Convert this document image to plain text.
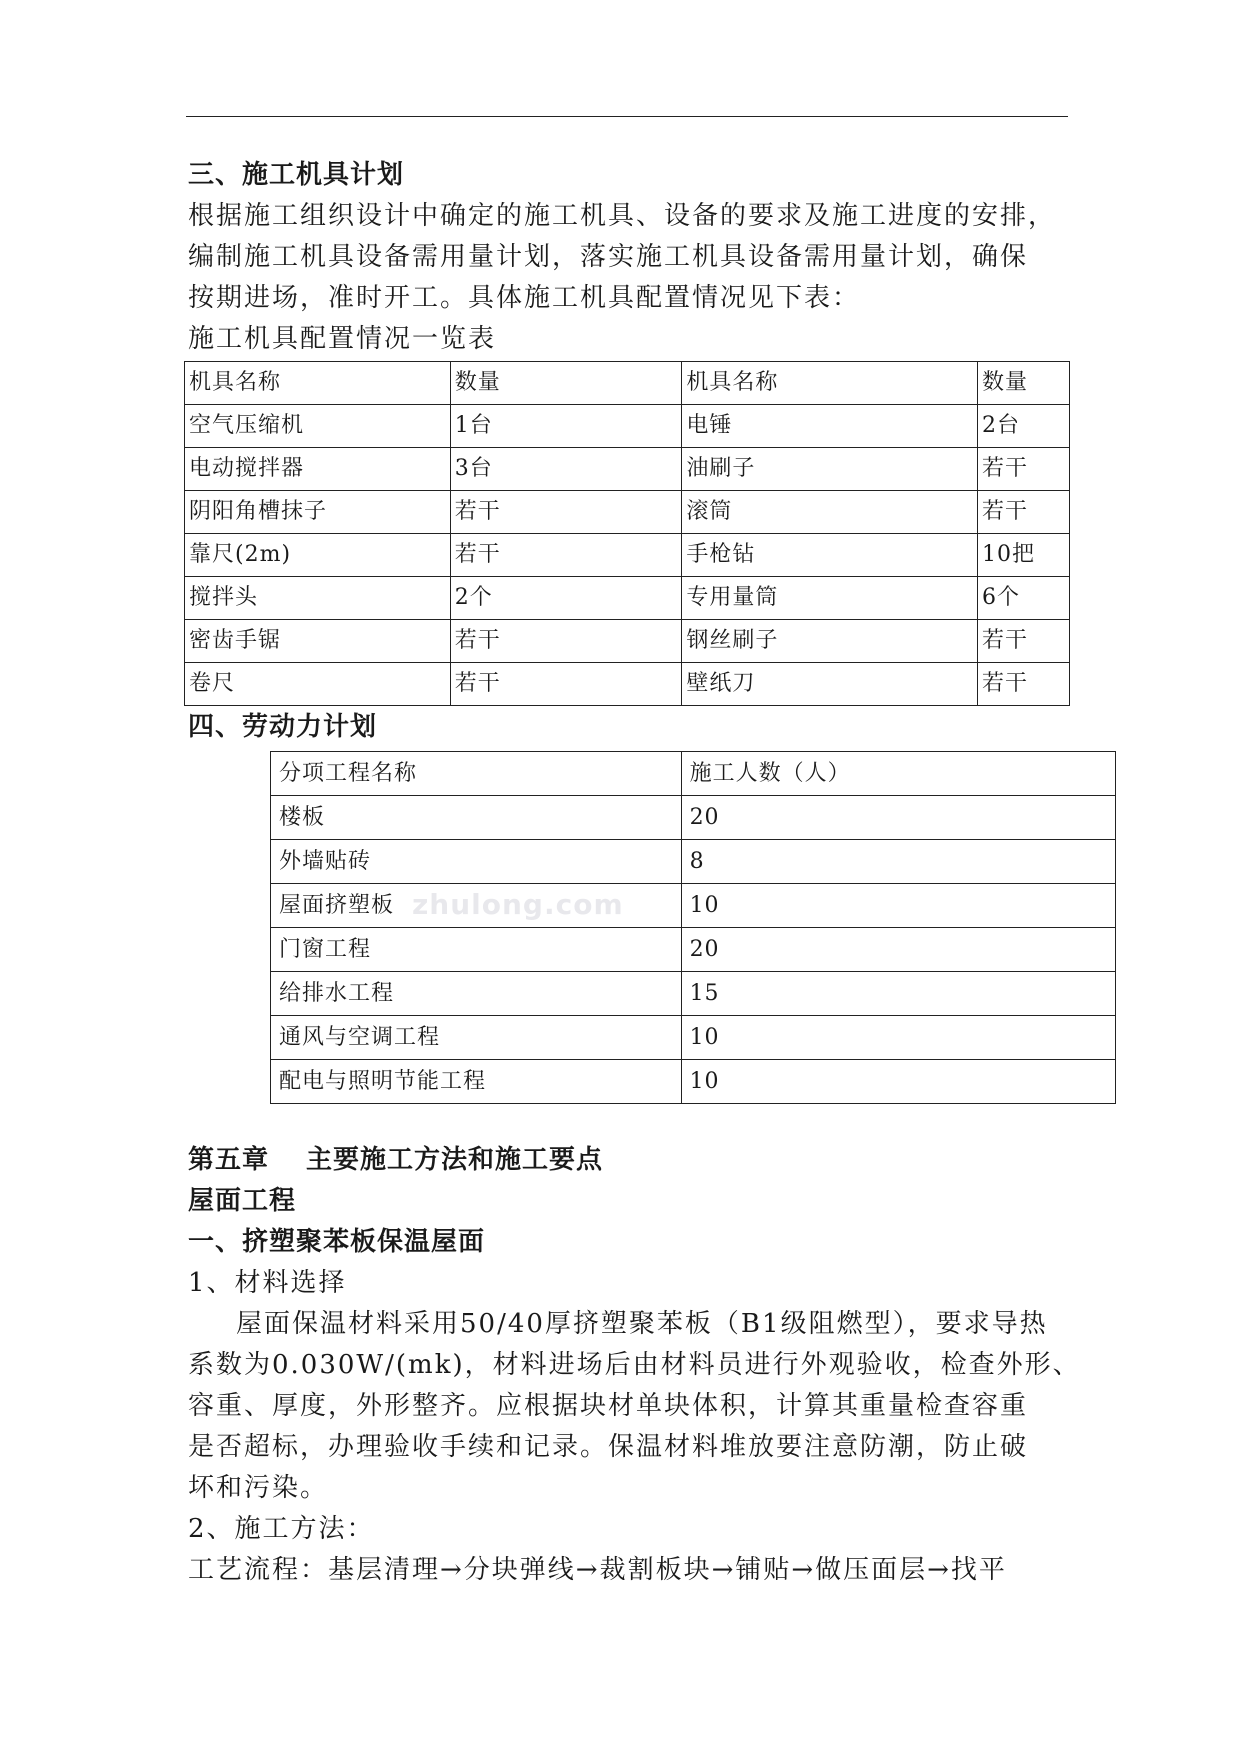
三、施工机具计划
根据施工组织设计中确定的施工机具、设备的要求及施工进度的安排，
编制施工机具设备需用量计划，落实施工机具设备需用量计划，确保
按期进场，准时开工。具体施工机具配置情况见下表：
施工机具配置情况一览表
机具名称	数量	机具名称	数量
空气压缩机	1台	电锤	2台
电动搅拌器	3台	油刷子	若干
阴阳角槽抹子	若干	滚筒	若干
靠尺(2m)	若干	手枪钻	10把
搅拌头	2个	专用量筒	6个
密齿手锯	若干	钢丝刷子	若干
卷尺	若干	壁纸刀	若干
四、劳动力计划
分项工程名称	施工人数（人）
楼板	20
外墙贴砖	8
屋面挤塑板	10
门窗工程	20
给排水工程	15
通风与空调工程	10
配电与照明节能工程	10
zhulong.com
第五章　 主要施工方法和施工要点
屋面工程
一、挤塑聚苯板保温屋面
1、材料选择
屋面保温材料采用50/40厚挤塑聚苯板（B1级阻燃型），要求导热
系数为0.030W/(mk)，材料进场后由材料员进行外观验收，检查外形、
容重、厚度，外形整齐。应根据块材单块体积，计算其重量检查容重
是否超标，办理验收手续和记录。保温材料堆放要注意防潮，防止破
坏和污染。
2、施工方法：
工艺流程：基层清理→分块弹线→裁割板块→铺贴→做压面层→找平
